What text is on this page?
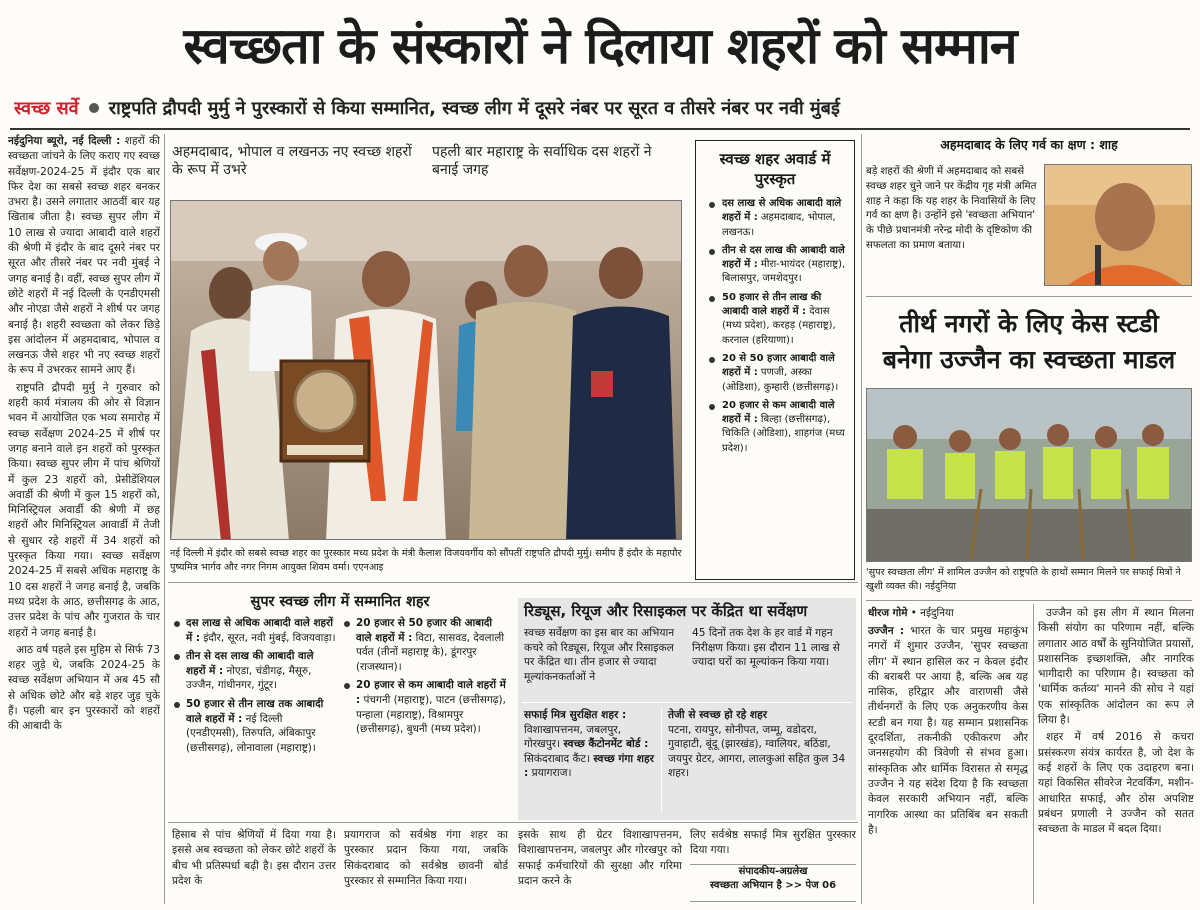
स्वच्छता के संस्कारों ने दिलाया शहरों को सम्मान
स्वच्छ सर्वे राष्ट्रपति द्रौपदी मुर्मु ने पुरस्कारों से किया सम्मानित, स्वच्छ लीग में दूसरे नंबर पर सूरत व तीसरे नंबर पर नवी मुंबई

नईदुनिया ब्यूरो, नई दिल्ली : शहरों की स्वच्छता जांचने के लिए कराए गए स्वच्छ सर्वेक्षण-2024-25 में इंदौर एक बार फिर देश का सबसे स्वच्छ शहर बनकर उभरा है। उसने लगातार आठवीं बार यह खिताब जीता है। स्वच्छ सुपर लीग में 10 लाख से ज्यादा आबादी वाले शहरों की श्रेणी में इंदौर के बाद दूसरे नंबर पर सूरत और तीसरे नंबर पर नवी मुंबई ने जगह बनाई है। वहीं, स्वच्छ सुपर लीग में छोटे शहरों में नई दिल्ली के एनडीएमसी और नोएडा जैसे शहरों ने शीर्ष पर जगह बनाई है। शहरी स्वच्छता को लेकर छिड़े इस आंदोलन में अहमदाबाद, भोपाल व लखनऊ जैसे शहर भी नए स्वच्छ शहरों के रूप में उभरकर सामने आए हैं।

राष्ट्रपति द्रौपदी मुर्मु ने गुरुवार को शहरी कार्य मंत्रालय की ओर से विज्ञान भवन में आयोजित एक भव्य समारोह में स्वच्छ सर्वेक्षण 2024-25 में शीर्ष पर जगह बनाने वाले इन शहरों को पुरस्कृत किया। स्वच्छ सुपर लीग में पांच श्रेणियों में कुल 23 शहरों को, प्रेसीडेंशियल अवार्डी की श्रेणी में कुल 15 शहरों को, मिनिस्ट्रियल अवार्डी की श्रेणी में छह शहरों और मिनिस्ट्रियल आवार्डी में तेजी से सुधार रहे शहरों में 34 शहरों को पुरस्कृत किया गया। स्वच्छ सर्वेक्षण 2024-25 में सबसे अधिक महाराष्ट्र के 10 दस शहरों ने जगह बनाई है, जबकि मध्य प्रदेश के आठ, छत्तीसगढ़ के आठ, उत्तर प्रदेश के पांच और गुजरात के चार शहरों ने जगह बनाई है।

आठ वर्ष पहले इस मुहिम से सिर्फ 73 शहर जुड़े थे, जबकि 2024-25 के स्वच्छ सर्वेक्षण अभियान में अब 45 सौ से अधिक छोटे और बड़े शहर जुड़ चुके हैं। पहली बार इन पुरस्कारों को शहरों की आबादी के

अहमदाबाद, भोपाल व लखनऊ नए स्वच्छ शहरों के रूप में उभरे
पहली बार महाराष्ट्र के सर्वाधिक दस शहरों ने बनाई जगह
नई दिल्ली में इंदौर को सबसे स्वच्छ शहर का पुरस्कार मध्य प्रदेश के मंत्री कैलाश विजयवर्गीय को सौंपतीं राष्ट्रपति द्रौपदी मुर्मु। समीप हैं इंदौर के महापौर पुष्यमित्र भार्गव और नगर निगम आयुक्त शिवम वर्मा। एएनआइ
स्वच्छ शहर अवार्ड में पुरस्कृत
दस लाख से अधिक आबादी वाले शहरों में : अहमदाबाद, भोपाल, लखनऊ।
तीन से दस लाख की आबादी वाले शहरों में : मीरा-भायंदर (महाराष्ट्र), बिलासपुर, जमशेदपुर।
50 हजार से तीन लाख की आबादी वाले शहरों में : देवास (मध्य प्रदेश), करहड़ (महाराष्ट्र), करनाल (हरियाणा)।
20 से 50 हजार आबादी वाले शहरों में : पणजी, अस्का (ओडिशा), कुम्हारी (छत्तीसगढ़)।
20 हजार से कम आबादी वाले शहरों में : बिल्हा (छत्तीसगढ़), चिकिति (ओडिशा), शाहगंज (मध्य प्रदेश)।
सुपर स्वच्छ लीग में सम्मानित शहर
दस लाख से अधिक आबादी वाले शहरों में : इंदौर, सूरत, नवी मुंबई, विजयवाड़ा।
तीन से दस लाख की आबादी वाले शहरों में : नोएडा, चंडीगढ़, मैसूरु, उज्जैन, गांधीनगर, गुंटूर।
50 हजार से तीन लाख तक आबादी वाले शहरों में : नई दिल्ली (एनडीएमसी), तिरुपति, अंबिकापुर (छत्तीसगढ़), लोनावाला (महाराष्ट्र)।
20 हजार से 50 हजार की आबादी वाले शहरों में : विटा, सासवड, देवलाली पर्वत (तीनों महाराष्ट्र के), डूंगरपुर (राजस्थान)।
20 हजार से कम आबादी वाले शहरों में : पंचगनी (महाराष्ट्र), पाटन (छत्तीसगढ़), पन्हाला (महाराष्ट्र), विश्रामपुर (छत्तीसगढ़), बुधनी (मध्य प्रदेश)।
रिड्यूस, रियूज और रिसाइकल पर केंद्रित था सर्वेक्षण
स्वच्छ सर्वेक्षण का इस बार का अभियान कचरे को रिड्यूस, रियूज और रिसाइकल पर केंद्रित था। तीन हजार से ज्यादा मूल्यांकनकर्ताओं ने
45 दिनों तक देश के हर वार्ड में गहन निरीक्षण किया। इस दौरान 11 लाख से ज्यादा घरों का मूल्यांकन किया गया।
सफाई मित्र सुरक्षित शहर : विशाखापत्तनम, जबलपुर, गोरखपुर। स्वच्छ कैंटोनमेंट बोर्ड : सिकंदराबाद कैंट। स्वच्छ गंगा शहर : प्रयागराज।
तेजी से स्वच्छ हो रहे शहर
पटना, रायपुर, सोनीपत, जम्मू, वडोदरा, गुवाहाटी, बूंदू (झारखंड), ग्वालियर, बठिंडा, जयपुर ग्रेटर, आगरा, लालकुआं सहित कुल 34 शहर।
हिसाब से पांच श्रेणियों में दिया गया है। इससे अब स्वच्छता को लेकर छोटे शहरों के बीच भी प्रतिस्पर्धा बढ़ी है। इस दौरान उत्तर प्रदेश के
प्रयागराज को सर्वश्रेष्ठ गंगा शहर का पुरस्कार प्रदान किया गया, जबकि सिकंदराबाद को सर्वश्रेष्ठ छावनी बोर्ड पुरस्कार से सम्मानित किया गया।
इसके साथ ही ग्रेटर विशाखापत्तनम, विशाखापत्तनम, जबलपुर और गोरखपुर को सफाई कर्मचारियों की सुरक्षा और गरिमा प्रदान करने के
लिए सर्वश्रेष्ठ सफाई मित्र सुरक्षित पुरस्कार दिया गया।
संपादकीय-अग्रलेख
स्वच्छता अभियान है >> पेज 06
अहमदाबाद के लिए गर्व का क्षण : शाह
बड़े शहरों की श्रेणी में अहमदाबाद को सबसे स्वच्छ शहर चुने जाने पर केंद्रीय गृह मंत्री अमित शाह ने कहा कि यह शहर के निवासियों के लिए गर्व का क्षण है। उन्होंने इसे 'स्वच्छता अभियान' के पीछे प्रधानमंत्री नरेन्द्र मोदी के दृष्टिकोण की सफलता का प्रमाण बताया।
तीर्थ नगरों के लिए केस स्टडी
बनेगा उज्जैन का स्वच्छता माडल
'सुपर स्वच्छता लीग' में शामिल उज्जैन को राष्ट्रपति के हाथों सम्मान मिलने पर सफाई मित्रों ने खुशी व्यक्त की। नईदुनिया
धीरज गोमे • नईदुनिया

उज्जैन : भारत के चार प्रमुख महाकुंभ नगरों में शुमार उज्जैन, 'सुपर स्वच्छता लीग' में स्थान हासिल कर न केवल इंदौर की बराबरी पर आया है, बल्कि अब यह नासिक, हरिद्वार और वाराणसी जैसे तीर्थनगरों के लिए एक अनुकरणीय केस स्टडी बन गया है। यह सम्मान प्रशासनिक दूरदर्शिता, तकनीकी एकीकरण और जनसहयोग की त्रिवेणी से संभव हुआ। सांस्कृतिक और धार्मिक विरासत से समृद्ध उज्जैन ने यह संदेश दिया है कि स्वच्छता केवल सरकारी अभियान नहीं, बल्कि नागरिक आस्था का प्रतिबिंब बन सकती है।

उज्जैन को इस लीग में स्थान मिलना किसी संयोग का परिणाम नहीं, बल्कि लगातार आठ वर्षों के सुनियोजित प्रयासों, प्रशासनिक इच्छाशक्ति, और नागरिक भागीदारी का परिणाम है। स्वच्छता को 'धार्मिक कर्तव्य' मानने की सोच ने यहां एक सांस्कृतिक आंदोलन का रूप ले लिया है।

शहर में वर्ष 2016 से कचरा प्रसंस्करण संयंत्र कार्यरत है, जो देश के कई शहरों के लिए एक उदाहरण बना। यहां विकसित सीवरेज नेटवर्किंग, मशीन-आधारित सफाई, और ठोस अपशिष्ट प्रबंधन प्रणाली ने उज्जैन को सतत स्वच्छता के माडल में बदल दिया।
